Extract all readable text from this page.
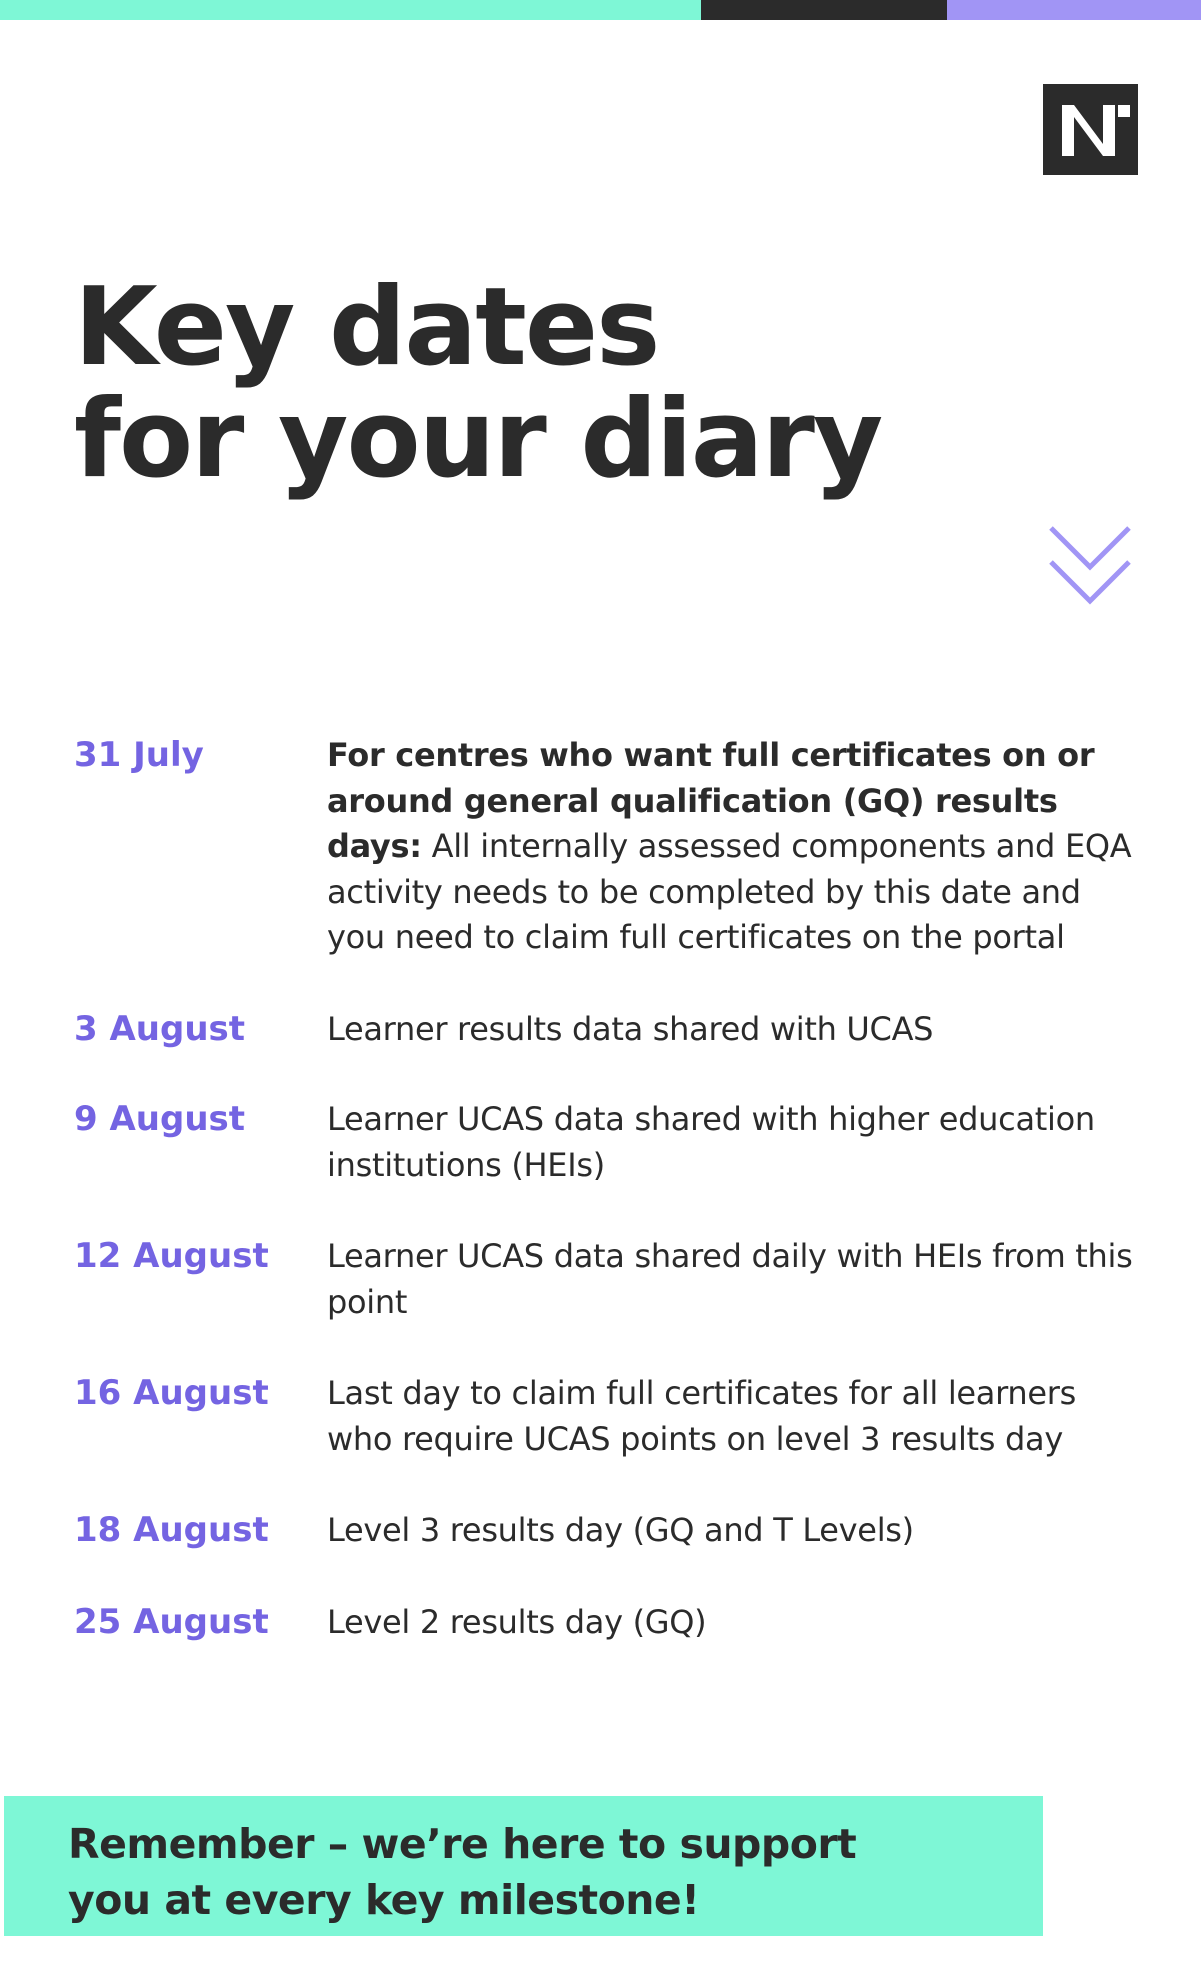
Key dates
for your diary
31 July	For centres who want full certificates on or around general qualification (GQ) results days: All internally assessed components and EQA activity needs to be completed by this date and you need to claim full certificates on the portal
3 August	Learner results data shared with UCAS
9 August	Learner UCAS data shared with higher education institutions (HEIs)
12 August	Learner UCAS data shared daily with HEIs from this point
16 August	Last day to claim full certificates for all learners who require UCAS points on level 3 results day
18 August	Level 3 results day (GQ and T Levels)
25 August	Level 2 results day (GQ)
Remember – we’re here to support
you at every key milestone!
